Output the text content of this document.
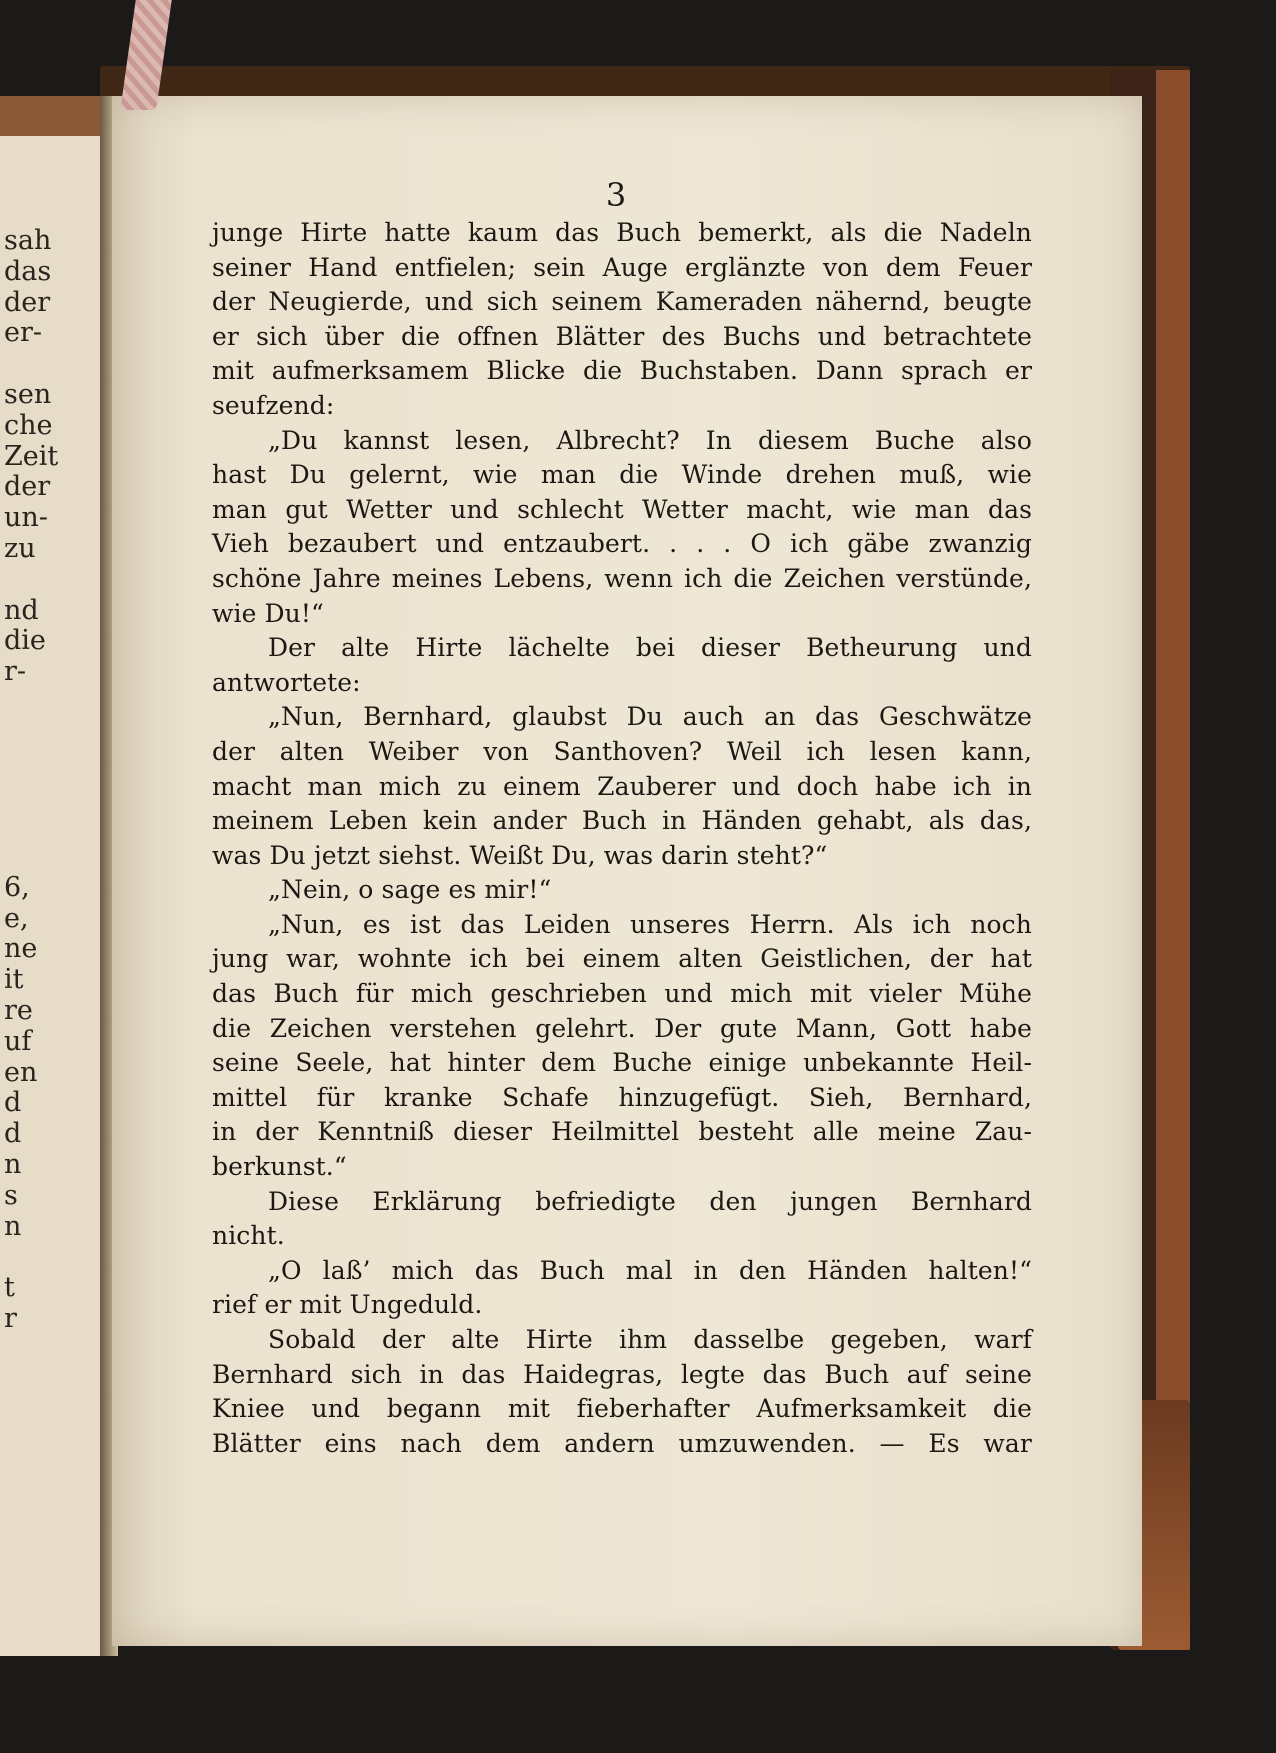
sah
das
der
er-
sen
che
Zeit
der
un-
zu
nd
die
r-
6,
e,
ne
it
re
uf
en
d
d
n
s
n
t
r
3
junge Hirte hatte kaum das Buch bemerkt, als die Nadeln
seiner Hand entfielen; sein Auge erglänzte von dem Feuer
der Neugierde, und sich seinem Kameraden nähernd, beugte
er sich über die offnen Blätter des Buchs und betrachtete
mit aufmerksamem Blicke die Buchstaben. Dann sprach er
seufzend:
„Du kannst lesen, Albrecht? In diesem Buche also
hast Du gelernt, wie man die Winde drehen muß, wie
man gut Wetter und schlecht Wetter macht, wie man das
Vieh bezaubert und entzaubert. . . . O ich gäbe zwanzig
schöne Jahre meines Lebens, wenn ich die Zeichen verstünde,
wie Du!“
Der alte Hirte lächelte bei dieser Betheurung und
antwortete:
„Nun, Bernhard, glaubst Du auch an das Geschwätze
der alten Weiber von Santhoven? Weil ich lesen kann,
macht man mich zu einem Zauberer und doch habe ich in
meinem Leben kein ander Buch in Händen gehabt, als das,
was Du jetzt siehst. Weißt Du, was darin steht?“
„Nein, o sage es mir!“
„Nun, es ist das Leiden unseres Herrn. Als ich noch
jung war, wohnte ich bei einem alten Geistlichen, der hat
das Buch für mich geschrieben und mich mit vieler Mühe
die Zeichen verstehen gelehrt. Der gute Mann, Gott habe
seine Seele, hat hinter dem Buche einige unbekannte Heil-
mittel für kranke Schafe hinzugefügt. Sieh, Bernhard,
in der Kenntniß dieser Heilmittel besteht alle meine Zau-
berkunst.“
Diese Erklärung befriedigte den jungen Bernhard
nicht.
„O laß’ mich das Buch mal in den Händen halten!“
rief er mit Ungeduld.
Sobald der alte Hirte ihm dasselbe gegeben, warf
Bernhard sich in das Haidegras, legte das Buch auf seine
Kniee und begann mit fieberhafter Aufmerksamkeit die
Blätter eins nach dem andern umzuwenden. — Es war
